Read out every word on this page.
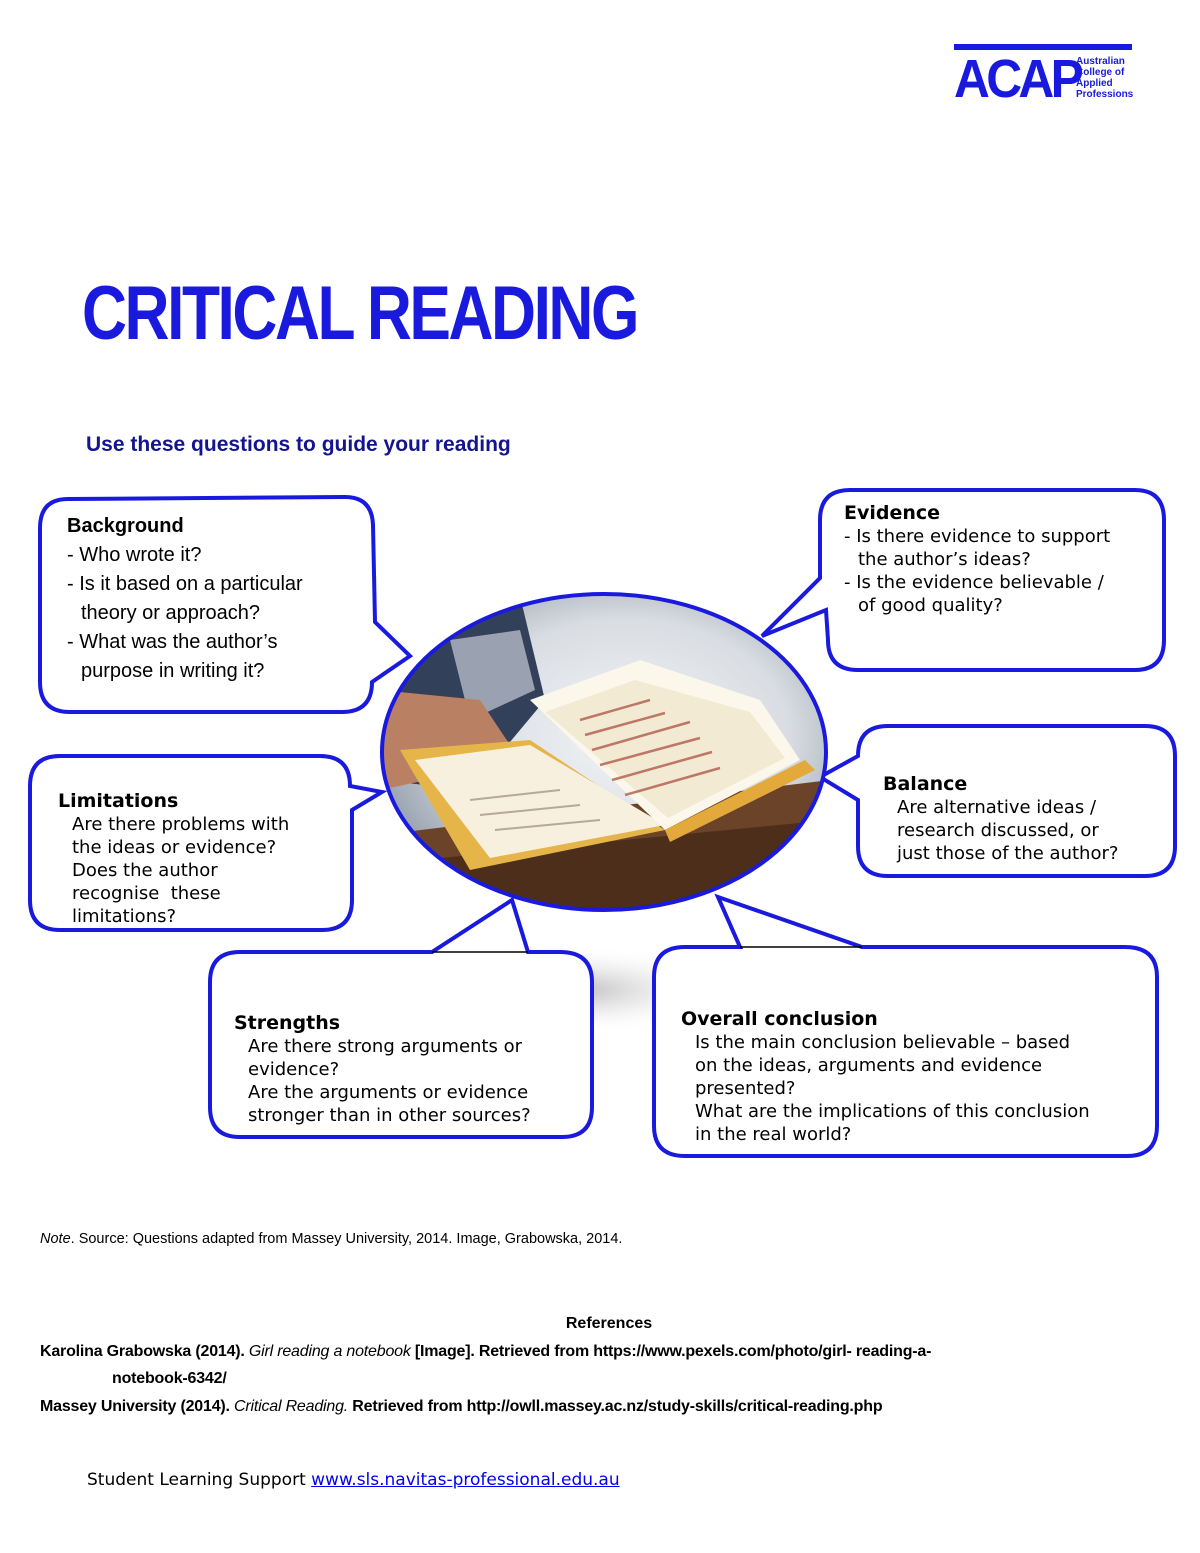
ACAP
Australian College of Applied Professions
CRITICAL READING
Use these questions to guide your reading
Background
- Who wrote it?
- Is it based on a particular
theory or approach?
- What was the author’s
purpose in writing it?
Evidence
- Is there evidence to support
the author’s ideas?
- Is the evidence believable /
of good quality?
Balance
Are alternative ideas /
research discussed, or
just those of the author?
Limitations
Are there problems with
the ideas or evidence?
Does the author
recognise  these
limitations?
Strengths
Are there strong arguments or
evidence?
Are the arguments or evidence
stronger than in other sources?
Overall conclusion
Is the main conclusion believable – based
on the ideas, arguments and evidence
presented?
What are the implications of this conclusion
in the real world?
Note. Source: Questions adapted from Massey University, 2014. Image, Grabowska, 2014.
References
Karolina Grabowska (2014). Girl reading a notebook [Image]. Retrieved from https://www.pexels.com/photo/girl- reading-a-
notebook-6342/
Massey University (2014). Critical Reading. Retrieved from http://owll.massey.ac.nz/study-skills/critical-reading.php
Student Learning Support www.sls.navitas-professional.edu.au
